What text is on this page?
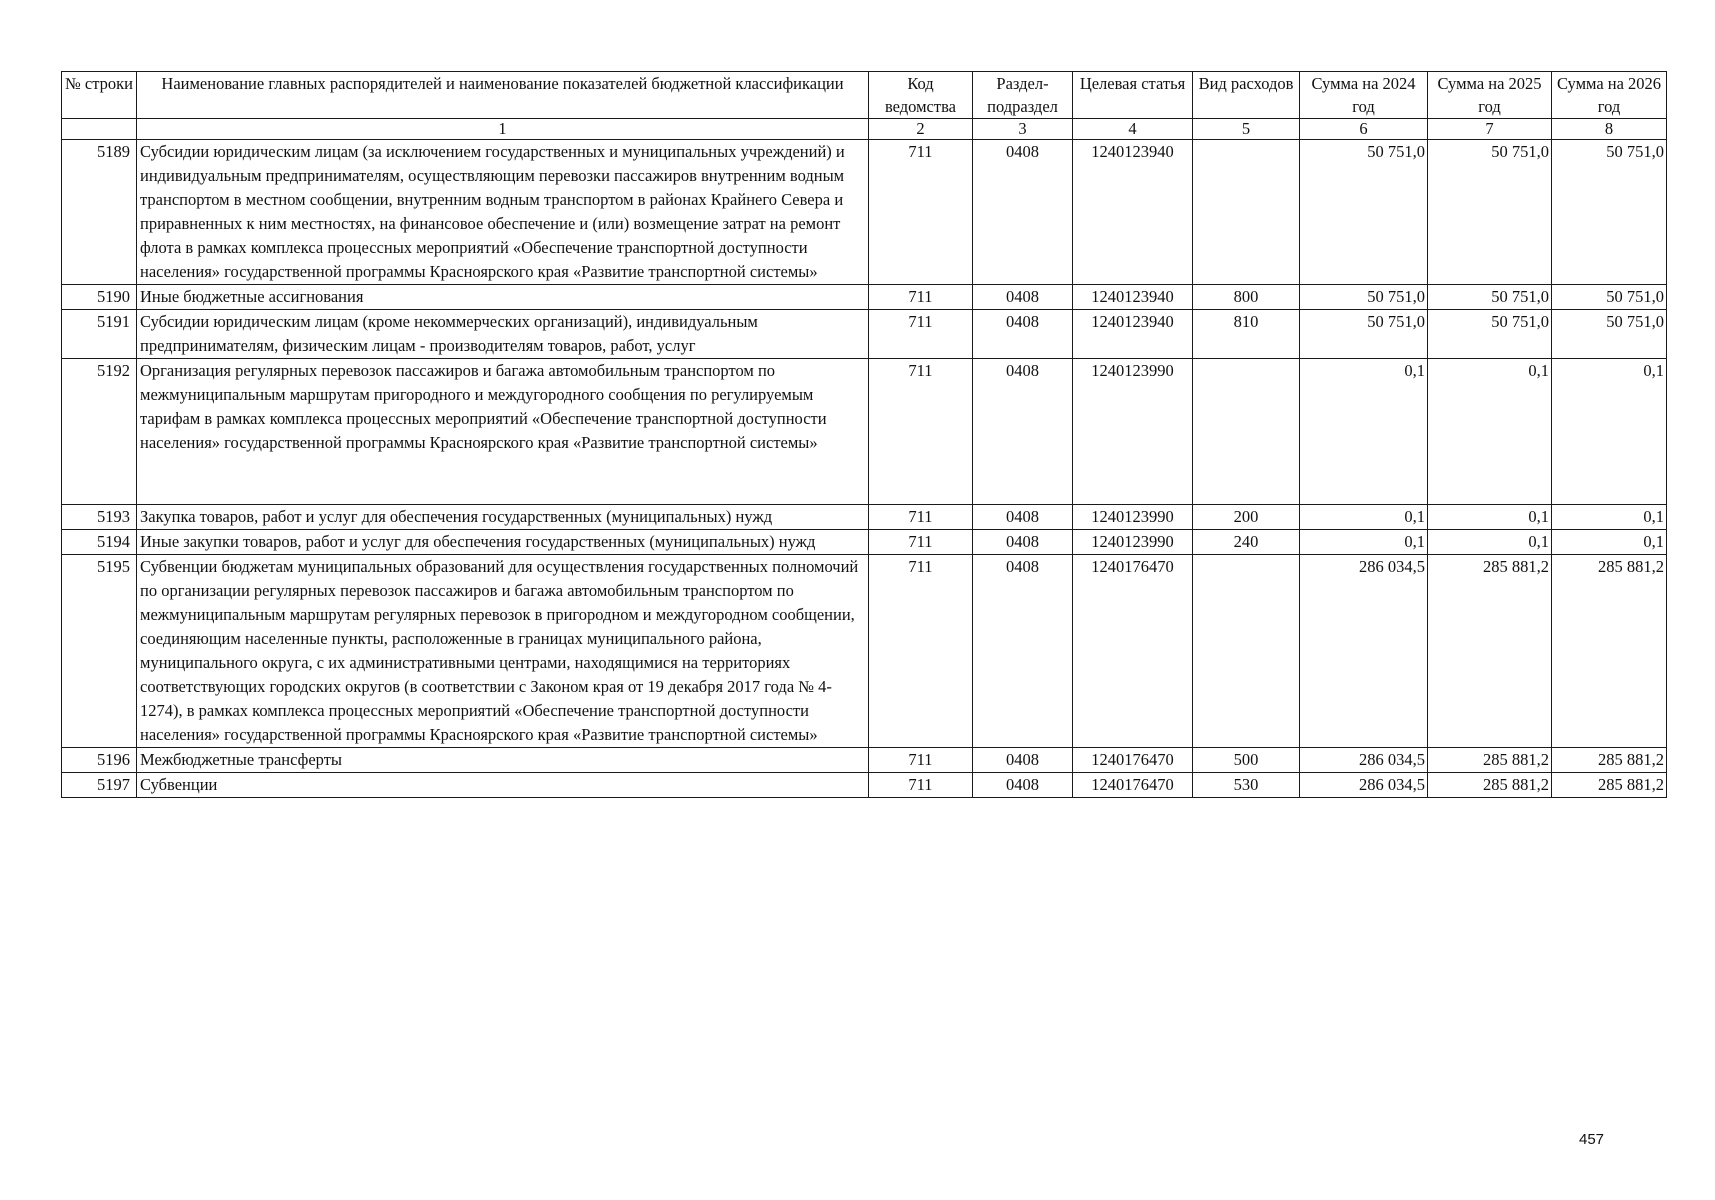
№ строки	Наименование главных распорядителей и наименование показателей бюджетной классификации	Код ведомства	Раздел-подраздел	Целевая статья	Вид расходов	Сумма на 2024 год	Сумма на 2025 год	Сумма на 2026 год
	1	2	3	4	5	6	7	8
5189	Субсидии юридическим лицам (за исключением государственных и муниципальных учреждений) и индивидуальным предпринимателям, осуществляющим перевозки пассажиров внутренним водным транспортом в местном сообщении, внутренним водным транспортом в районах Крайнего Севера и приравненных к ним местностях, на финансовое обеспечение и (или) возмещение затрат на ремонт флота в рамках комплекса процессных мероприятий «Обеспечение транспортной доступности населения» государственной программы Красноярского края «Развитие транспортной системы»	711	0408	1240123940		50 751,0	50 751,0	50 751,0
5190	Иные бюджетные ассигнования	711	0408	1240123940	800	50 751,0	50 751,0	50 751,0
5191	Субсидии юридическим лицам (кроме некоммерческих организаций), индивидуальным предпринимателям, физическим лицам - производителям товаров, работ, услуг	711	0408	1240123940	810	50 751,0	50 751,0	50 751,0
5192	Организация регулярных перевозок пассажиров и багажа автомобильным транспортом по межмуниципальным маршрутам пригородного и междугородного сообщения по регулируемым тарифам в рамках комплекса процессных мероприятий «Обеспечение транспортной доступности населения» государственной программы Красноярского края «Развитие транспортной системы»	711	0408	1240123990		0,1	0,1	0,1
5193	Закупка товаров, работ и услуг для обеспечения государственных (муниципальных) нужд	711	0408	1240123990	200	0,1	0,1	0,1
5194	Иные закупки товаров, работ и услуг для обеспечения государственных (муниципальных) нужд	711	0408	1240123990	240	0,1	0,1	0,1
5195	Субвенции бюджетам муниципальных образований для осуществления государственных полномочий по организации регулярных перевозок пассажиров и багажа автомобильным транспортом по межмуниципальным маршрутам регулярных перевозок в пригородном и междугородном сообщении, соединяющим населенные пункты, расположенные в границах муниципального района, муниципального округа, с их административными центрами, находящимися на территориях соответствующих городских округов (в соответствии с Законом края от 19 декабря 2017 года № 4-1274), в рамках комплекса процессных мероприятий «Обеспечение транспортной доступности населения» государственной программы Красноярского края «Развитие транспортной системы»	711	0408	1240176470		286 034,5	285 881,2	285 881,2
5196	Межбюджетные трансферты	711	0408	1240176470	500	286 034,5	285 881,2	285 881,2
5197	Субвенции	711	0408	1240176470	530	286 034,5	285 881,2	285 881,2
457
